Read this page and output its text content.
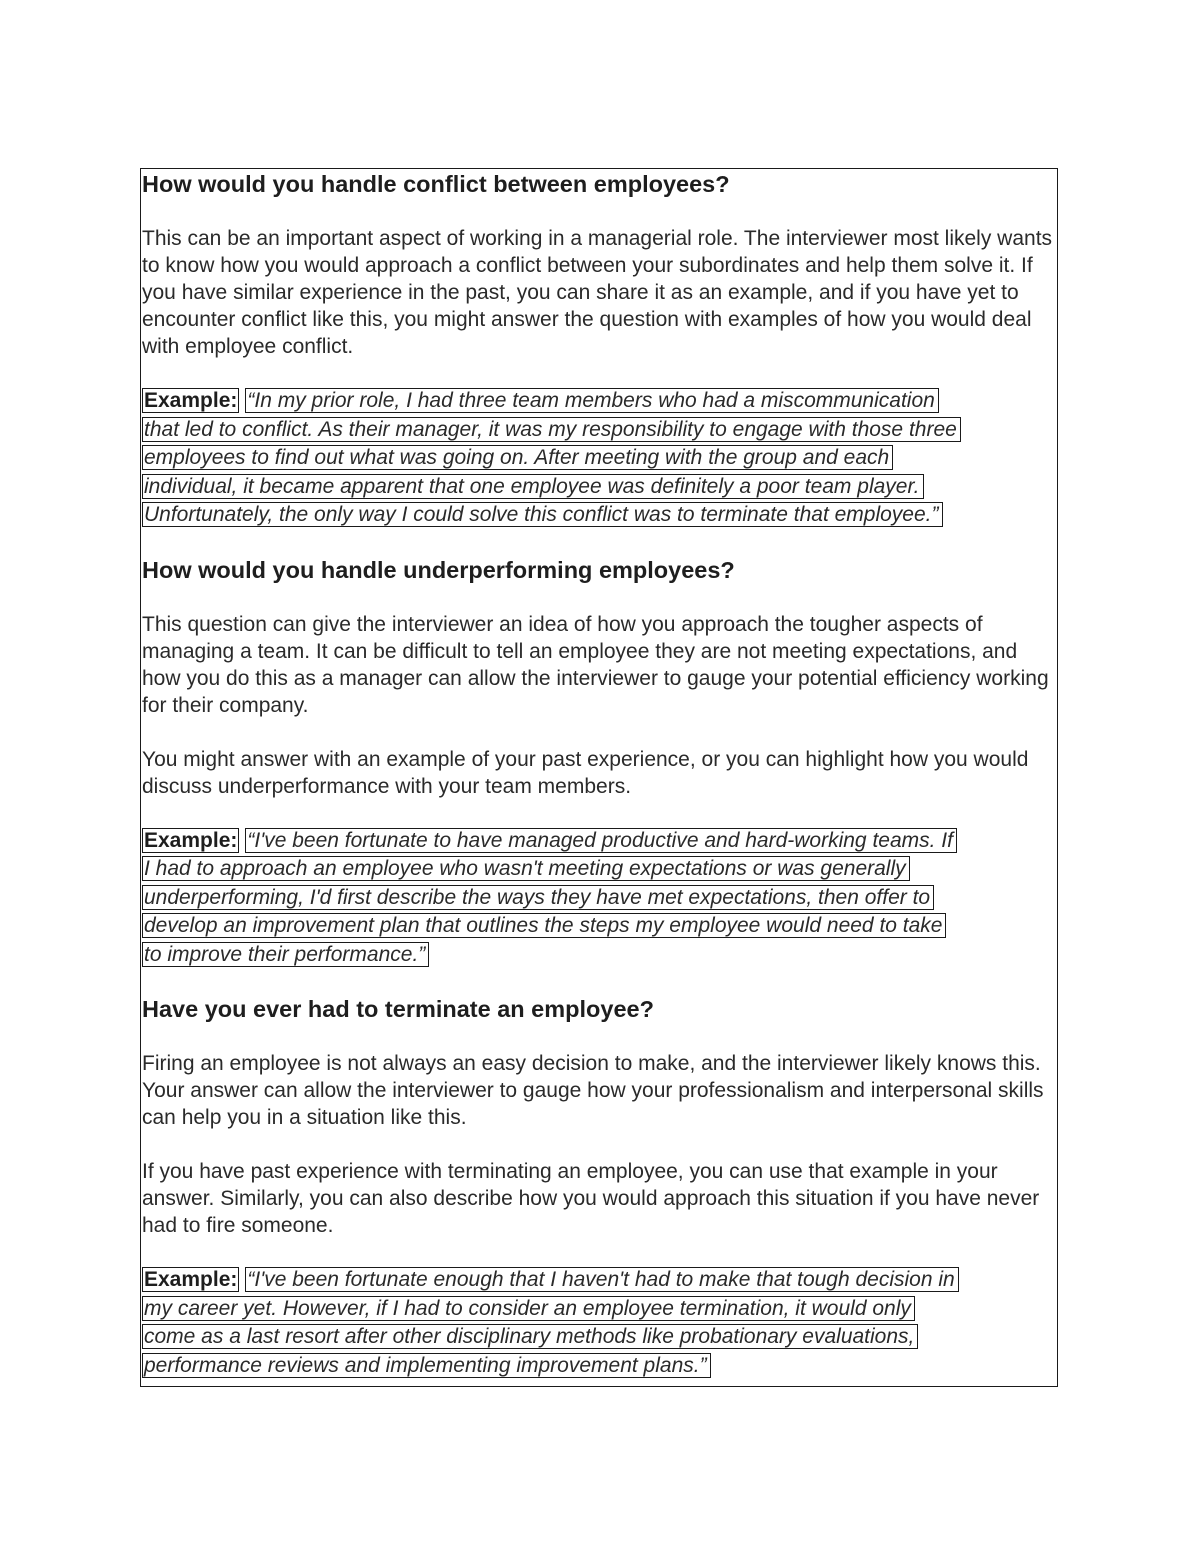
How would you handle conflict between employees?

This can be an important aspect of working in a managerial role. The interviewer most likely wants to know how you would approach a conflict between your subordinates and help them solve it. If you have similar experience in the past, you can share it as an example, and if you have yet to encounter conflict like this, you might answer the question with examples of how you would deal with employee conflict.

Example: “In my prior role, I had three team members who had a miscommunication
that led to conflict. As their manager, it was my responsibility to engage with those three
employees to find out what was going on. After meeting with the group and each
individual, it became apparent that one employee was definitely a poor team player.
Unfortunately, the only way I could solve this conflict was to terminate that employee.”
How would you handle underperforming employees?

This question can give the interviewer an idea of how you approach the tougher aspects of managing a team. It can be difficult to tell an employee they are not meeting expectations, and how you do this as a manager can allow the interviewer to gauge your potential efficiency working for their company.

You might answer with an example of your past experience, or you can highlight how you would discuss underperformance with your team members.

Example: “I've been fortunate to have managed productive and hard-working teams. If
I had to approach an employee who wasn't meeting expectations or was generally
underperforming, I'd first describe the ways they have met expectations, then offer to
develop an improvement plan that outlines the steps my employee would need to take
to improve their performance.”
Have you ever had to terminate an employee?

Firing an employee is not always an easy decision to make, and the interviewer likely knows this. Your answer can allow the interviewer to gauge how your professionalism and interpersonal skills can help you in a situation like this.

If you have past experience with terminating an employee, you can use that example in your answer. Similarly, you can also describe how you would approach this situation if you have never had to fire someone.

Example: “I've been fortunate enough that I haven't had to make that tough decision in
my career yet. However, if I had to consider an employee termination, it would only
come as a last resort after other disciplinary methods like probationary evaluations,
performance reviews and implementing improvement plans.”
